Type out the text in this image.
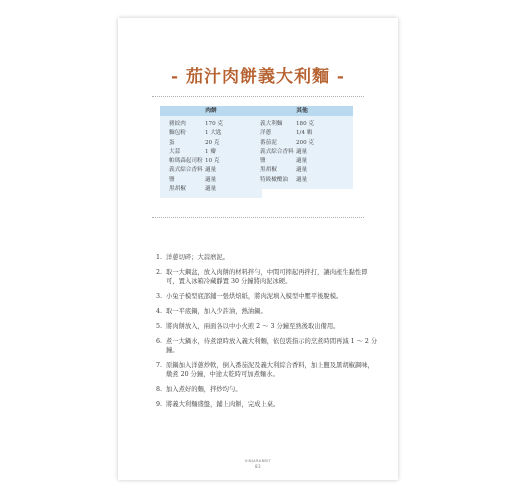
- 茄汁肉餅義大利麵 -
肉餅
豬絞肉	170 克
麵包粉	1 大匙
蛋	20 克
大蒜	1 瓣
帕瑪森起司粉 10 克
義式綜合香料 適量
鹽	適量
黑胡椒	適量
其他
義大利麵	180 克
洋蔥	1/4 顆
番茄泥	200 克
義式綜合香料 適量
鹽	適量
黑胡椒	適量
特級橄欖油	適量
1. 洋蔥切碎；大蒜磨泥。
2. 取一大鋼盆，放入肉餅的材料拌勻，中間可摔起再拌打，讓肉產生黏性即可，置入冰箱冷藏靜置 30 分鐘將肉泥冰硬。
3. 小兔子模型底部鋪一張烘焙紙，將肉泥填入模型中壓平後脫模。
4. 取一平底鍋，加入少許油，熱油鍋。
5. 將肉餅放入，兩面各以中小火煎 2 ～ 3 分鐘至熟後取出備用。
6. 煮一大鍋水，待煮滾時放入義大利麵，依包裝指示的烹煮時間再減 1 ～ 2 分鐘。
7. 原鍋加入洋蔥炒軟，倒入番茄泥及義大利綜合香料，加上鹽及黑胡椒調味，燉煮 20 分鐘，中途太乾時可加煮麵水。
8. 加入煮好的麵，拌炒均勻。
9. 將義大利麵盛盤，鋪上肉餅，完成上桌。
SINJARABBIT
83
